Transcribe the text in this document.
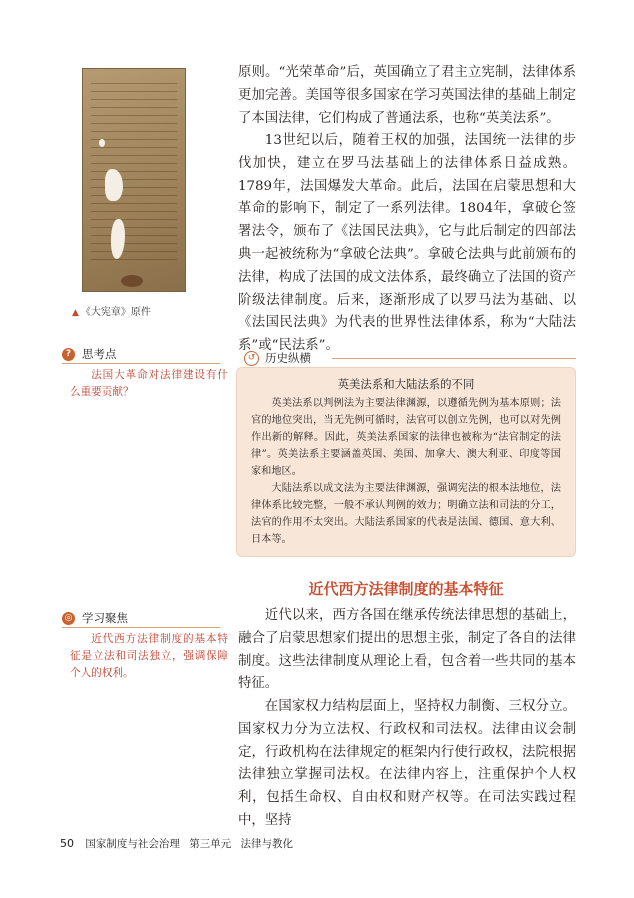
▲ 《大宪章》原件

原则。“光荣革命”后，英国确立了君主立宪制，法律体系更加完善。美国等很多国家在学习英国法律的基础上制定了本国法律，它们构成了普通法系，也称“英美法系”。

13世纪以后，随着王权的加强，法国统一法律的步伐加快，建立在罗马法基础上的法律体系日益成熟。1789年，法国爆发大革命。此后，法国在启蒙思想和大革命的影响下，制定了一系列法律。1804年，拿破仑签署法令，颁布了《法国民法典》，它与此后制定的四部法典一起被统称为“拿破仑法典”。拿破仑法典与此前颁布的法律，构成了法国的成文法体系，最终确立了法国的资产阶级法律制度。后来，逐渐形成了以罗马法为基础、以《法国民法典》为代表的世界性法律体系，称为“大陆法系”或“民法系”。

? 思考点

法国大革命对法律建设有什么重要贡献？

↺ 历史纵横
英美法系和大陆法系的不同

英美法系以判例法为主要法律渊源，以遵循先例为基本原则；法官的地位突出，当无先例可循时，法官可以创立先例，也可以对先例作出新的解释。因此，英美法系国家的法律也被称为“法官制定的法律”。英美法系主要涵盖英国、美国、加拿大、澳大利亚、印度等国家和地区。

大陆法系以成文法为主要法律渊源，强调宪法的根本法地位，法律体系比较完整，一般不承认判例的效力；明确立法和司法的分工，法官的作用不太突出。大陆法系国家的代表是法国、德国、意大利、日本等。

近代西方法律制度的基本特征
◎ 学习聚焦

近代西方法律制度的基本特征是立法和司法独立，强调保障个人的权利。

近代以来，西方各国在继承传统法律思想的基础上，融合了启蒙思想家们提出的思想主张，制定了各自的法律制度。这些法律制度从理论上看，包含着一些共同的基本特征。

在国家权力结构层面上，坚持权力制衡、三权分立。国家权力分为立法权、行政权和司法权。法律由议会制定，行政机构在法律规定的框架内行使行政权，法院根据法律独立掌握司法权。在法律内容上，注重保护个人权利，包括生命权、自由权和财产权等。在司法实践过程中，坚持

50 国家制度与社会治理 第三单元 法律与教化
